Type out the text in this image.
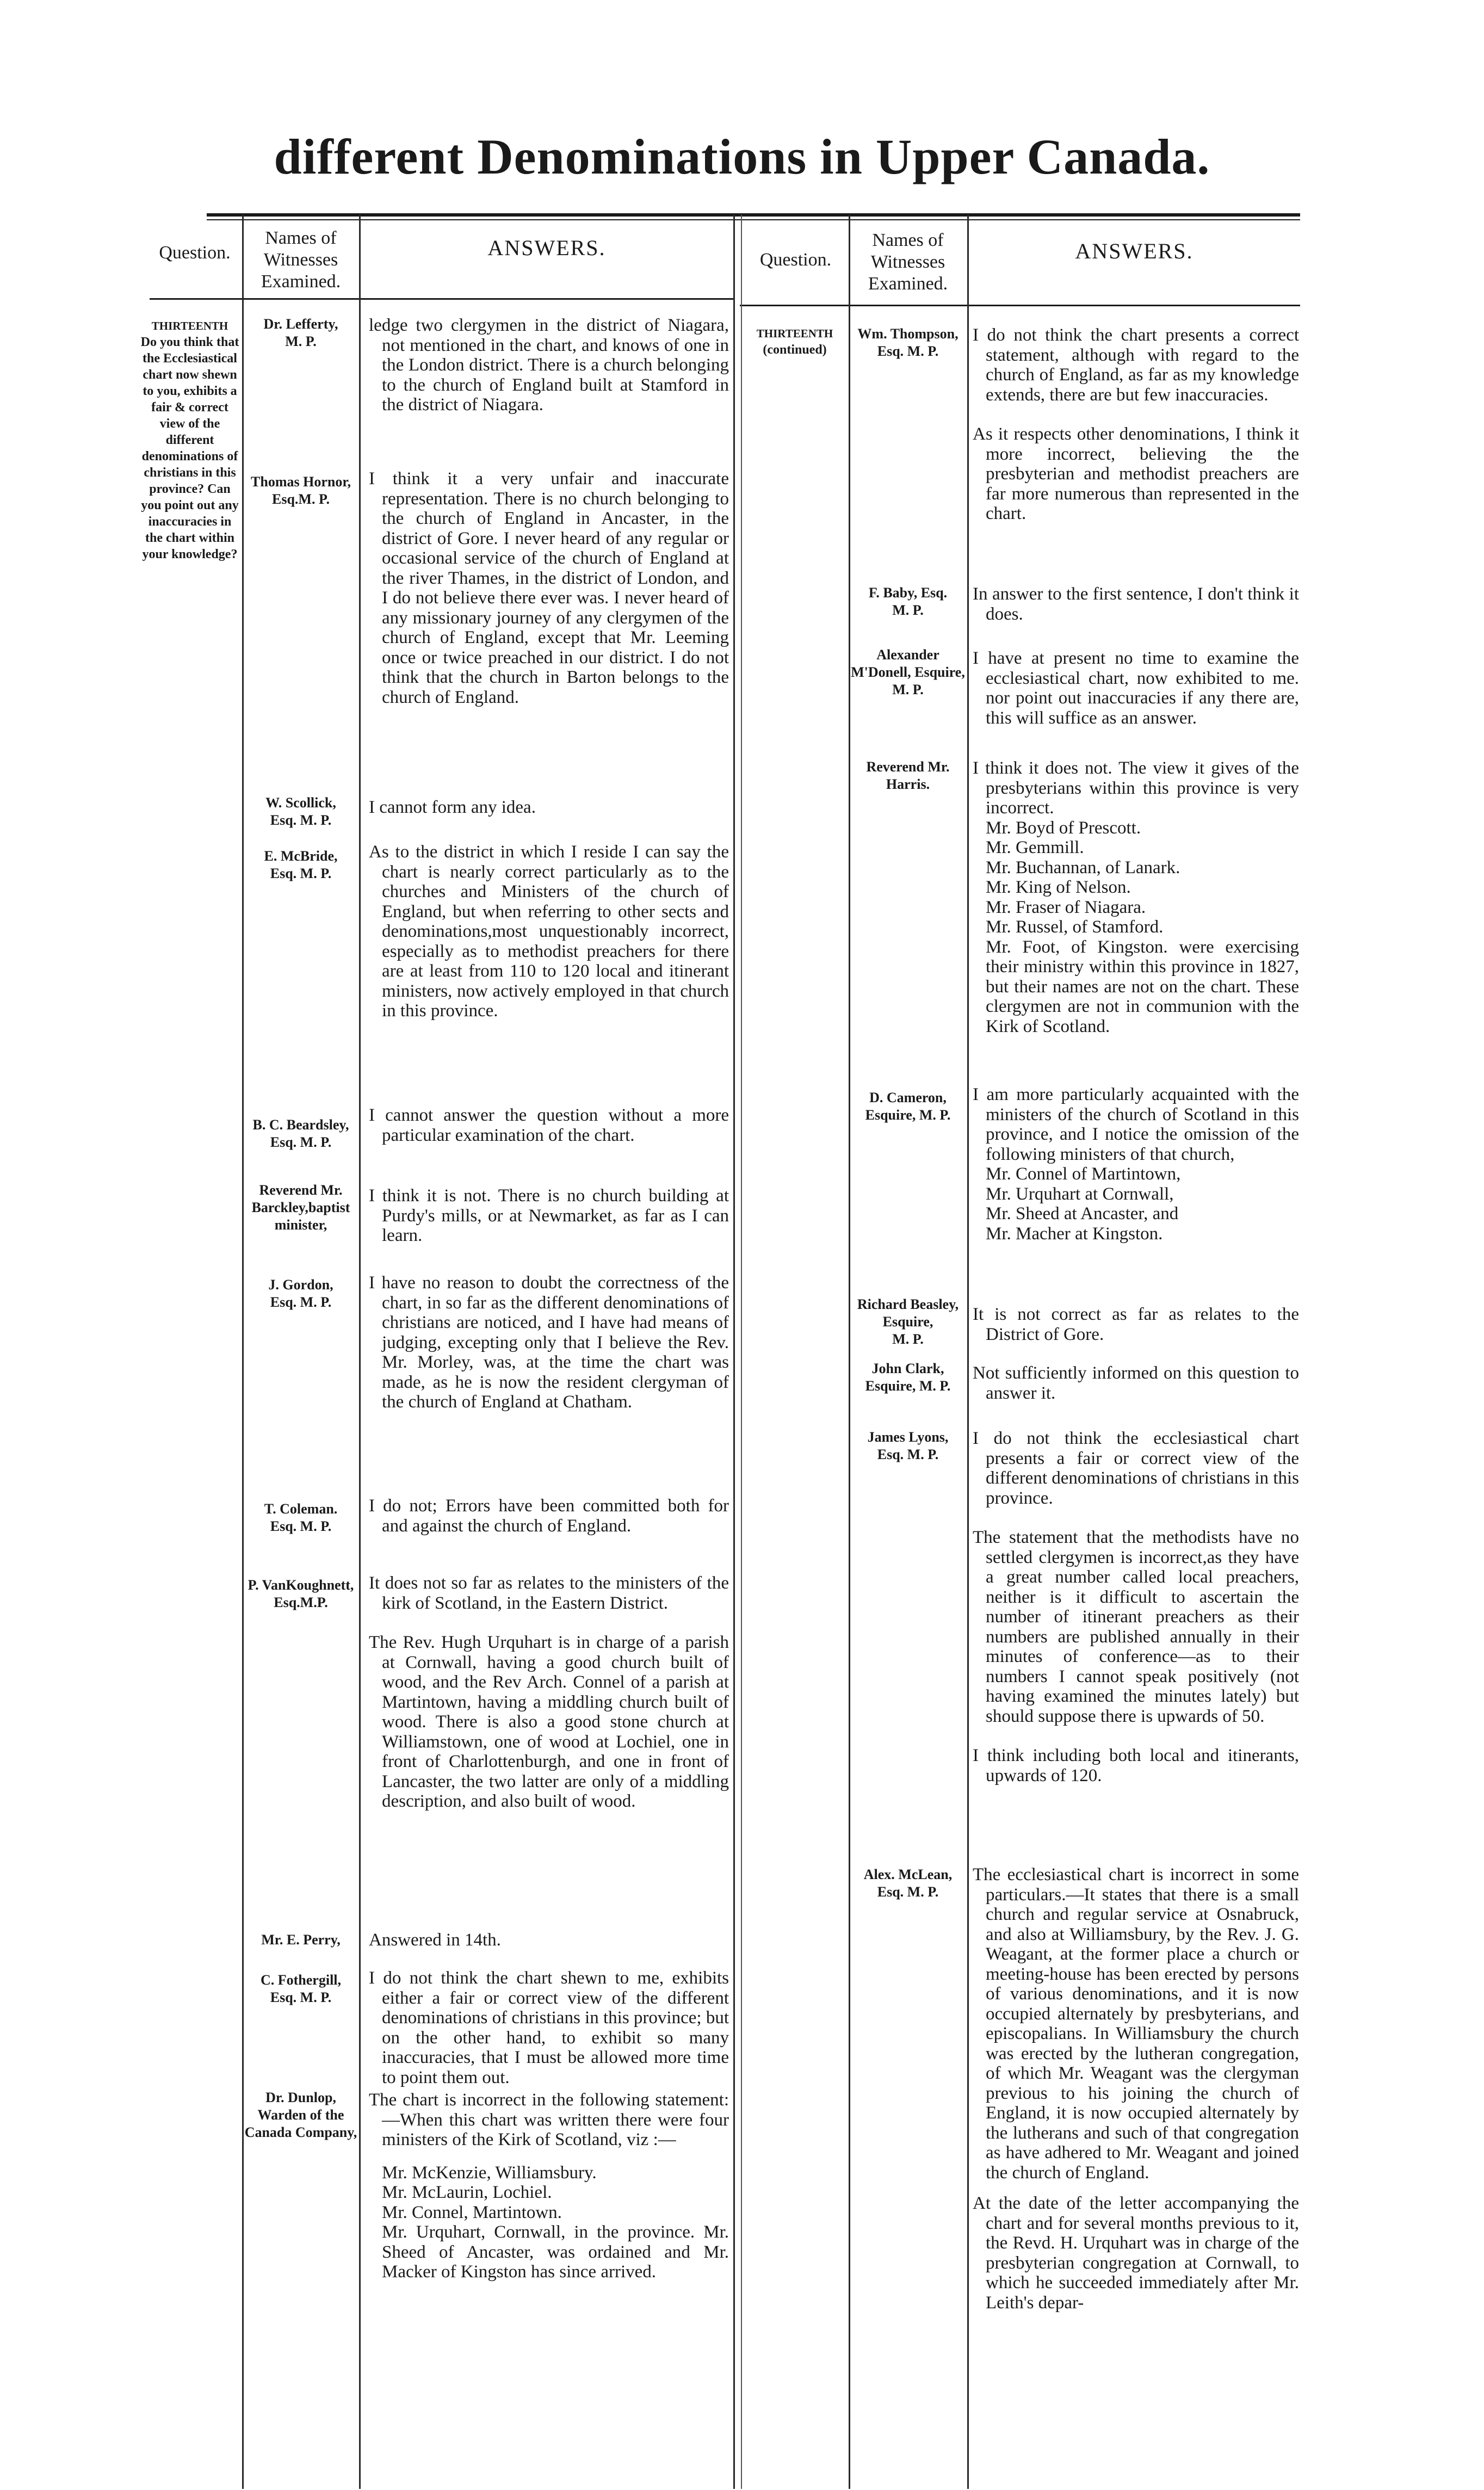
different Denominations in Upper Canada.
Question.
Names of
Witnesses
Examined.
ANSWERS.	Question.
Names of
Witnesses
Examined.
ANSWERS.
THIRTEENTH
Do you think that the Ecclesiastical chart now shewn to you, exhibits a fair & correct view of the different denominations of christians in this province? Can you point out any inaccuracies in the chart within your knowledge?
THIRTEENTH
(continued)
Dr. Lefferty,
M. P.

ledge two clergymen in the district of Niagara, not mentioned in the chart, and knows of one in the London district. There is a church belonging to the church of England built at Stamford in the district of Niagara.

Thomas Hornor, Esq.M. P.

I think it a very unfair and inaccurate representation. There is no church belonging to the church of England in Ancaster, in the district of Gore. I never heard of any regular or occasional service of the church of England at the river Thames, in the district of London, and I do not believe there ever was. I never heard of any missionary journey of any clergymen of the church of England, except that Mr. Leeming once or twice preached in our district. I do not think that the church in Barton belongs to the church of England.

W. Scollick,
Esq. M. P.

I cannot form any idea.

E. McBride,
Esq. M. P.

As to the district in which I reside I can say the chart is nearly correct particularly as to the churches and Ministers of the church of England, but when referring to other sects and denominations,most unquestionably incorrect, especially as to methodist preachers for there are at least from 110 to 120 local and itinerant ministers, now actively employed in that church in this province.

B. C. Beardsley, Esq. M. P.

I cannot answer the question without a more particular examination of the chart.

Reverend Mr.
Barckley,baptist minister,

I think it is not. There is no church building at Purdy's mills, or at Newmarket, as far as I can learn.

J. Gordon,
Esq. M. P.

I have no reason to doubt the correctness of the chart, in so far as the different denominations of christians are noticed, and I have had means of judging, excepting only that I believe the Rev. Mr. Morley, was, at the time the chart was made, as he is now the resident clergyman of the church of England at Chatham.

T. Coleman.
Esq. M. P.

I do not; Errors have been committed both for and against the church of England.

P. VanKoughnett, Esq.M.P.

It does not so far as relates to the ministers of the kirk of Scotland, in the Eastern District.

The Rev. Hugh Urquhart is in charge of a parish at Cornwall, having a good church built of wood, and the Rev Arch. Connel of a parish at Martintown, having a middling church built of wood. There is also a good stone church at Williamstown, one of wood at Lochiel, one in front of Charlottenburgh, and one in front of Lancaster, the two latter are only of a middling description, and also built of wood.

Mr. E. Perry,	Answered in 14th.

C. Fothergill,
Esq. M. P.

I do not think the chart shewn to me, exhibits either a fair or correct view of the different denominations of christians in this province; but on the other hand, to exhibit so many inaccuracies, that I must be allowed more time to point them out.

Dr. Dunlop,
Warden of the Canada Company,

The chart is incorrect in the following statement:—When this chart was written there were four ministers of the Kirk of Scotland, viz :—

Mr. McKenzie, Williamsbury.

Mr. McLaurin, Lochiel.

Mr. Connel, Martintown.

Mr. Urquhart, Cornwall, in the province. Mr. Sheed of Ancaster, was ordained and Mr. Macker of Kingston has since arrived.

Wm. Thompson, Esq. M. P.

I do not think the chart presents a correct statement, although with regard to the church of England, as far as my knowledge extends, there are but few inaccuracies.

As it respects other denominations, I think it more incorrect, believing the the presbyterian and methodist preachers are far more numerous than represented in the chart.

F. Baby, Esq.
M. P.

In answer to the first sentence, I don't think it does.

Alexander
M'Donell, Esquire, M. P.

I have at present no time to examine the ecclesiastical chart, now exhibited to me. nor point out inaccuracies if any there are, this will suffice as an answer.

Reverend Mr.
Harris.

I think it does not. The view it gives of the presbyterians within this province is very incorrect.

Mr. Boyd of Prescott.

Mr. Gemmill.

Mr. Buchannan, of Lanark.

Mr. King of Nelson.

Mr. Fraser of Niagara.

Mr. Russel, of Stamford.

Mr. Foot, of Kingston. were exercising their ministry within this province in 1827, but their names are not on the chart. These clergymen are not in communion with the Kirk of Scotland.

D. Cameron,
Esquire, M. P.

I am more particularly acquainted with the ministers of the church of Scotland in this province, and I notice the omission of the following ministers of that church,

Mr. Connel of Martintown,

Mr. Urquhart at Cornwall,

Mr. Sheed at Ancaster, and

Mr. Macher at Kingston.

Richard Beasley, Esquire,
M. P.

It is not correct as far as relates to the District of Gore.

John Clark,
Esquire, M. P.

Not sufficiently informed on this question to answer it.

James Lyons,
Esq. M. P.

I do not think the ecclesiastical chart presents a fair or correct view of the different denominations of christians in this province.

The statement that the methodists have no settled clergymen is incorrect,as they have a great number called local preachers, neither is it difficult to ascertain the number of itinerant preachers as their numbers are published annually in their minutes of conference—as to their numbers I cannot speak positively (not having examined the minutes lately) but should suppose there is upwards of 50.

I think including both local and itinerants, upwards of 120.

Alex. McLean,
Esq. M. P.

The ecclesiastical chart is incorrect in some particulars.—It states that there is a small church and regular service at Osnabruck, and also at Williamsbury, by the Rev. J. G. Weagant, at the former place a church or meeting-house has been erected by persons of various denominations, and it is now occupied alternately by presbyterians, and episcopalians. In Williamsbury the church was erected by the lutheran congregation, of which Mr. Weagant was the clergyman previous to his joining the church of England, it is now occupied alternately by the lutherans and such of that congregation as have adhered to Mr. Weagant and joined the church of England.

At the date of the letter accompanying the chart and for several months previous to it, the Revd. H. Urquhart was in charge of the presbyterian congregation at Cornwall, to which he succeeded immediately after Mr. Leith's depar-
